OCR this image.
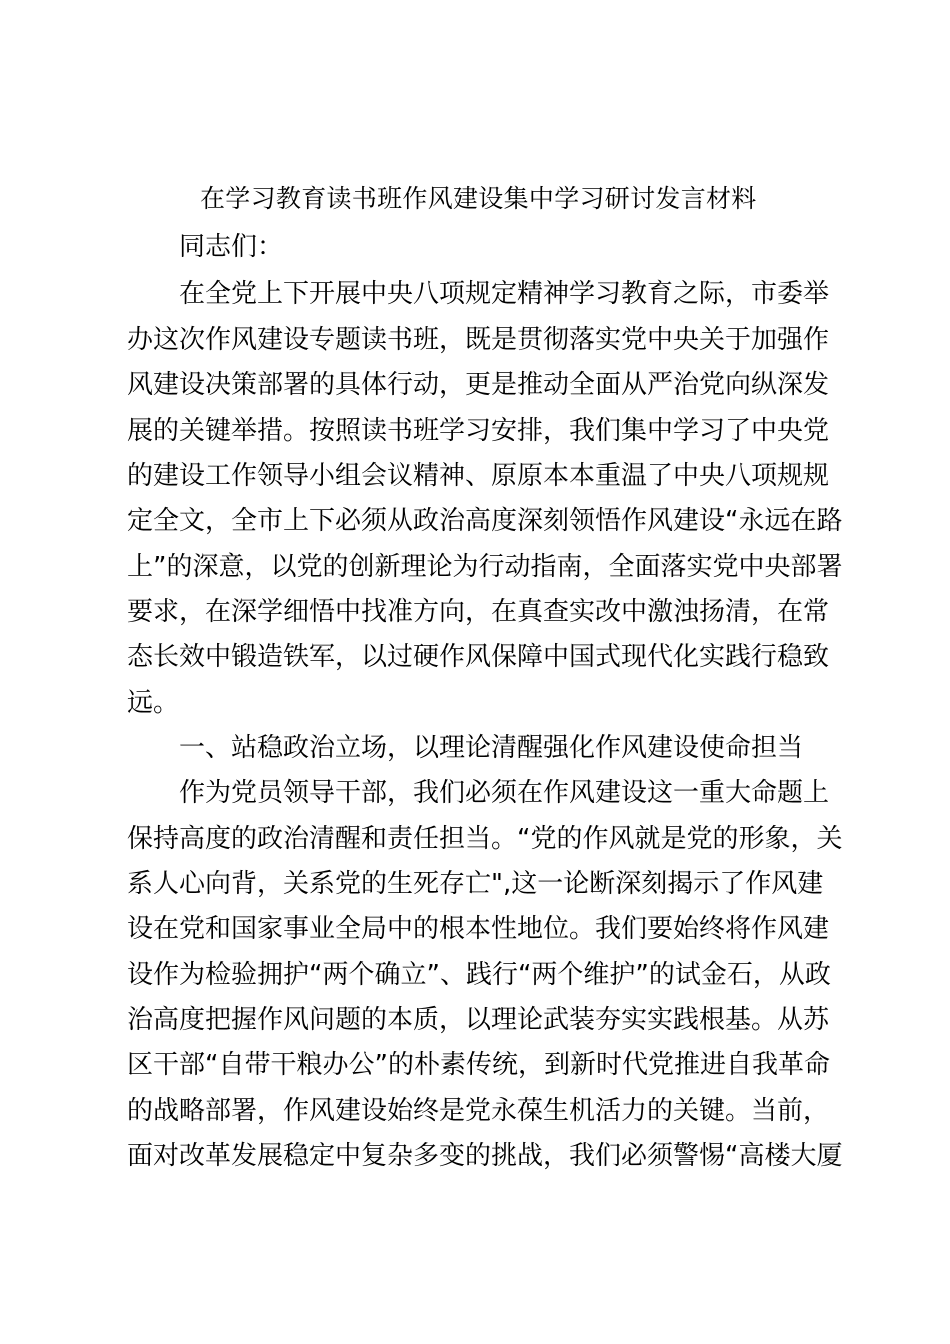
在学习教育读书班作风建设集中学习研讨发言材料
同志们：
在全党上下开展中央八项规定精神学习教育之际，市委举
办这次作风建设专题读书班，既是贯彻落实党中央关于加强作
风建设决策部署的具体行动，更是推动全面从严治党向纵深发
展的关键举措。按照读书班学习安排，我们集中学习了中央党
的建设工作领导小组会议精神、原原本本重温了中央八项规规
定全文，全市上下必须从政治高度深刻领悟作风建设“永远在路
上”的深意，以党的创新理论为行动指南，全面落实党中央部署
要求，在深学细悟中找准方向，在真查实改中激浊扬清，在常
态长效中锻造铁军，以过硬作风保障中国式现代化实践行稳致
远。
一、站稳政治立场，以理论清醒强化作风建设使命担当
作为党员领导干部，我们必须在作风建设这一重大命题上
保持高度的政治清醒和责任担当。“党的作风就是党的形象，关
系人心向背，关系党的生死存亡",这一论断深刻揭示了作风建
设在党和国家事业全局中的根本性地位。我们要始终将作风建
设作为检验拥护“两个确立”、践行“两个维护”的试金石，从政
治高度把握作风问题的本质，以理论武装夯实实践根基。从苏
区干部“自带干粮办公”的朴素传统，到新时代党推进自我革命
的战略部署，作风建设始终是党永葆生机活力的关键。当前，
面对改革发展稳定中复杂多变的挑战，我们必须警惕“高楼大厦
